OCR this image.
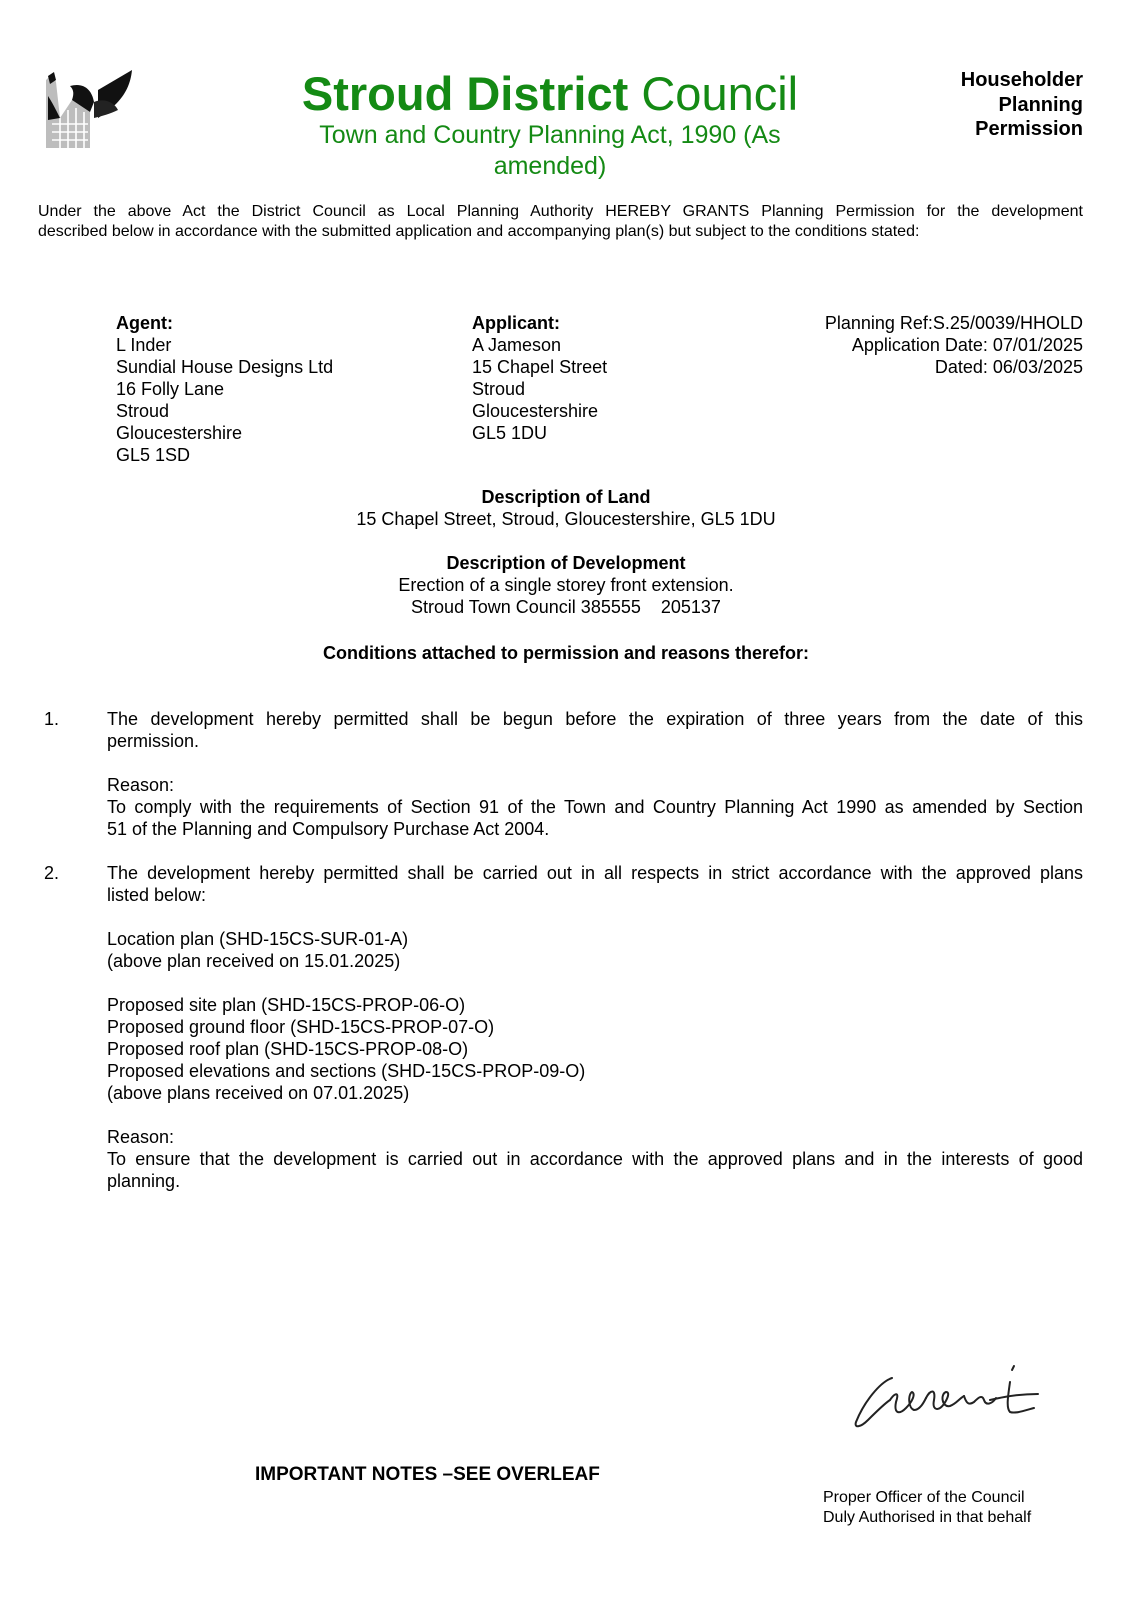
Stroud District Council
Town and Country Planning Act, 1990 (As
amended)
Householder
Planning
Permission
Under the above Act the District Council as Local Planning Authority HEREBY GRANTS Planning Permission for the development
described below in accordance with the submitted application and accompanying plan(s) but subject to the conditions stated:
Agent:
L Inder
Sundial House Designs Ltd
16 Folly Lane
Stroud
Gloucestershire
GL5 1SD
Applicant:
A Jameson
15 Chapel Street
Stroud
Gloucestershire
GL5 1DU
Planning Ref:S.25/0039/HHOLD
Application Date: 07/01/2025
Dated: 06/03/2025
Description of Land
15 Chapel Street, Stroud, Gloucestershire, GL5 1DU
Description of Development
Erection of a single storey front extension.
Stroud Town Council 385555    205137
Conditions attached to permission and reasons therefor:
1.	The development hereby permitted shall be begun before the expiration of three years from the date of this
permission.
Reason:
To comply with the requirements of Section 91 of the Town and Country Planning Act 1990 as amended by Section
51 of the Planning and Compulsory Purchase Act 2004.
2.	The development hereby permitted shall be carried out in all respects in strict accordance with the approved plans
listed below:
Location plan (SHD-15CS-SUR-01-A)
(above plan received on 15.01.2025)
Proposed site plan (SHD-15CS-PROP-06-O)
Proposed ground floor (SHD-15CS-PROP-07-O)
Proposed roof plan (SHD-15CS-PROP-08-O)
Proposed elevations and sections (SHD-15CS-PROP-09-O)
(above plans received on 07.01.2025)
Reason:
To ensure that the development is carried out in accordance with the approved plans and in the interests of good
planning.
IMPORTANT NOTES –SEE OVERLEAF
Proper Officer of the Council
Duly Authorised in that behalf
